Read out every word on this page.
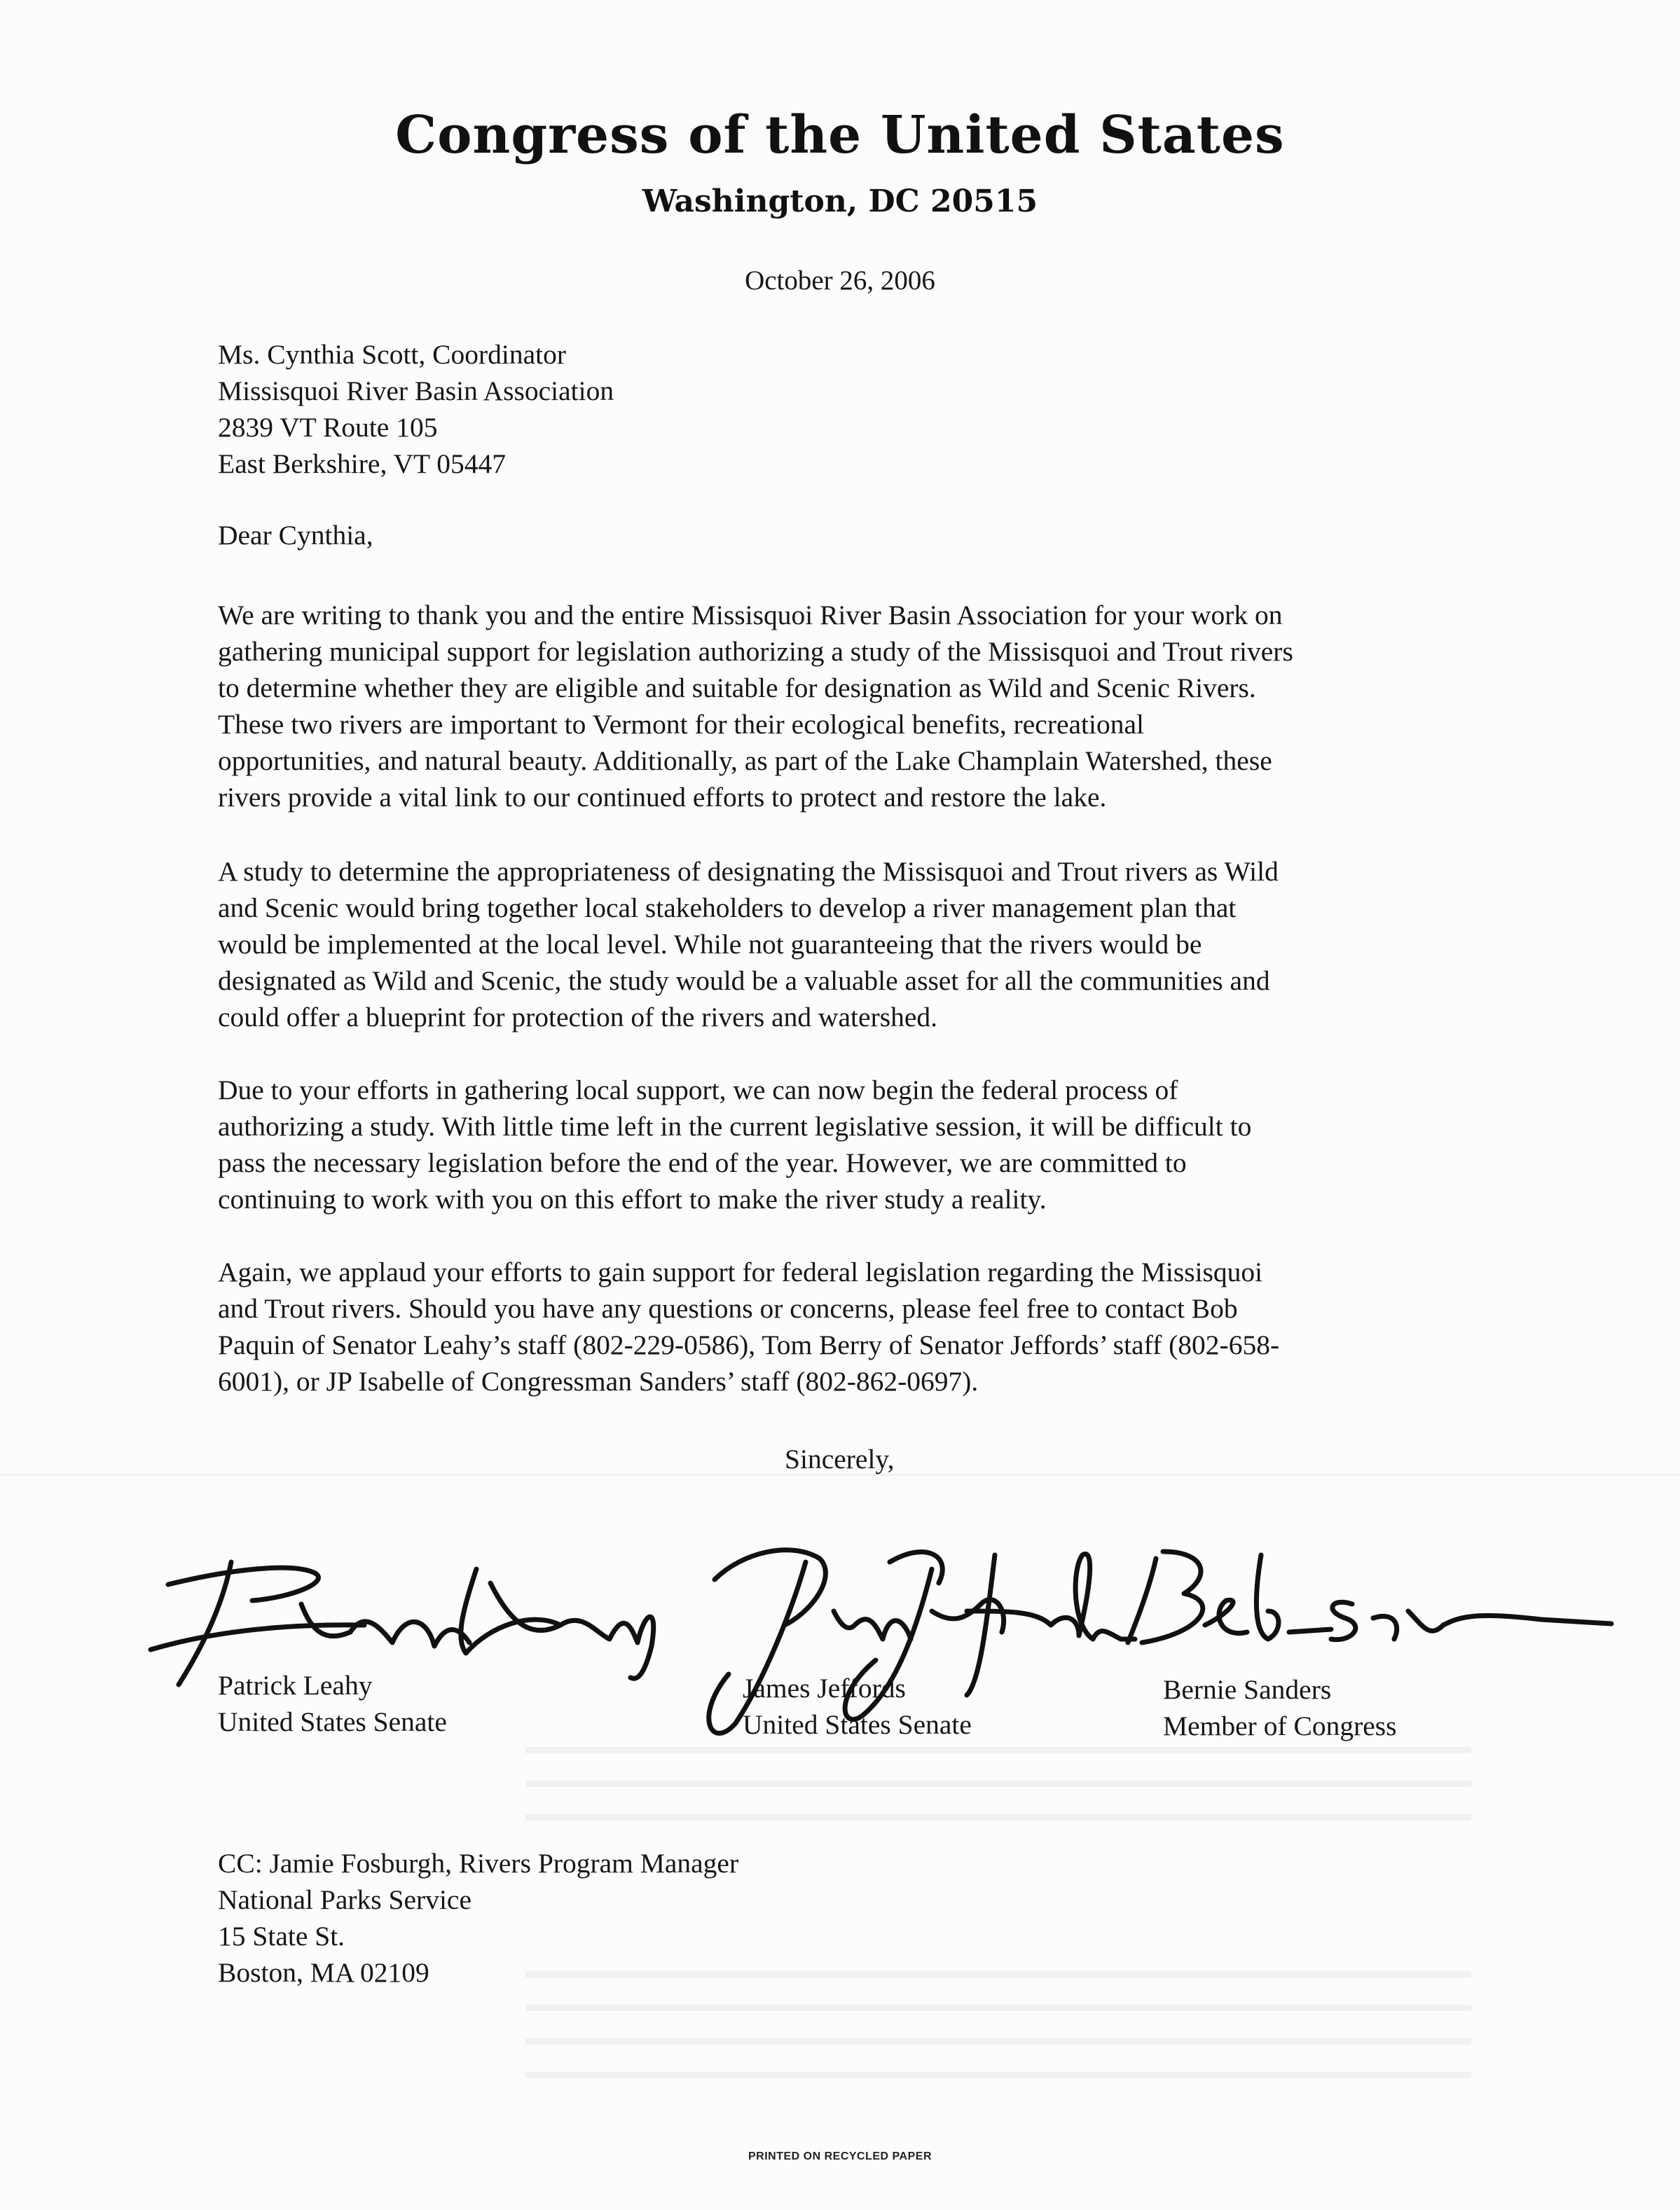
Congress of the United States
Washington, DC 20515
October 26, 2006
Ms. Cynthia Scott, Coordinator
Missisquoi River Basin Association
2839 VT Route 105
East Berkshire, VT 05447
Dear Cynthia,
We are writing to thank you and the entire Missisquoi River Basin Association for your work on
gathering municipal support for legislation authorizing a study of the Missisquoi and Trout rivers
to determine whether they are eligible and suitable for designation as Wild and Scenic Rivers.
These two rivers are important to Vermont for their ecological benefits, recreational
opportunities, and natural beauty. Additionally, as part of the Lake Champlain Watershed, these
rivers provide a vital link to our continued efforts to protect and restore the lake.
A study to determine the appropriateness of designating the Missisquoi and Trout rivers as Wild
and Scenic would bring together local stakeholders to develop a river management plan that
would be implemented at the local level. While not guaranteeing that the rivers would be
designated as Wild and Scenic, the study would be a valuable asset for all the communities and
could offer a blueprint for protection of the rivers and watershed.
Due to your efforts in gathering local support, we can now begin the federal process of
authorizing a study. With little time left in the current legislative session, it will be difficult to
pass the necessary legislation before the end of the year. However, we are committed to
continuing to work with you on this effort to make the river study a reality.
Again, we applaud your efforts to gain support for federal legislation regarding the Missisquoi
and Trout rivers. Should you have any questions or concerns, please feel free to contact Bob
Paquin of Senator Leahy’s staff (802-229-0586), Tom Berry of Senator Jeffords’ staff (802-658-
6001), or JP Isabelle of Congressman Sanders’ staff (802-862-0697).
Sincerely,
Patrick Leahy
United States Senate
James Jeffords
United States Senate
Bernie Sanders
Member of Congress
CC: Jamie Fosburgh, Rivers Program Manager
National Parks Service
15 State St.
Boston, MA 02109
PRINTED ON RECYCLED PAPER
